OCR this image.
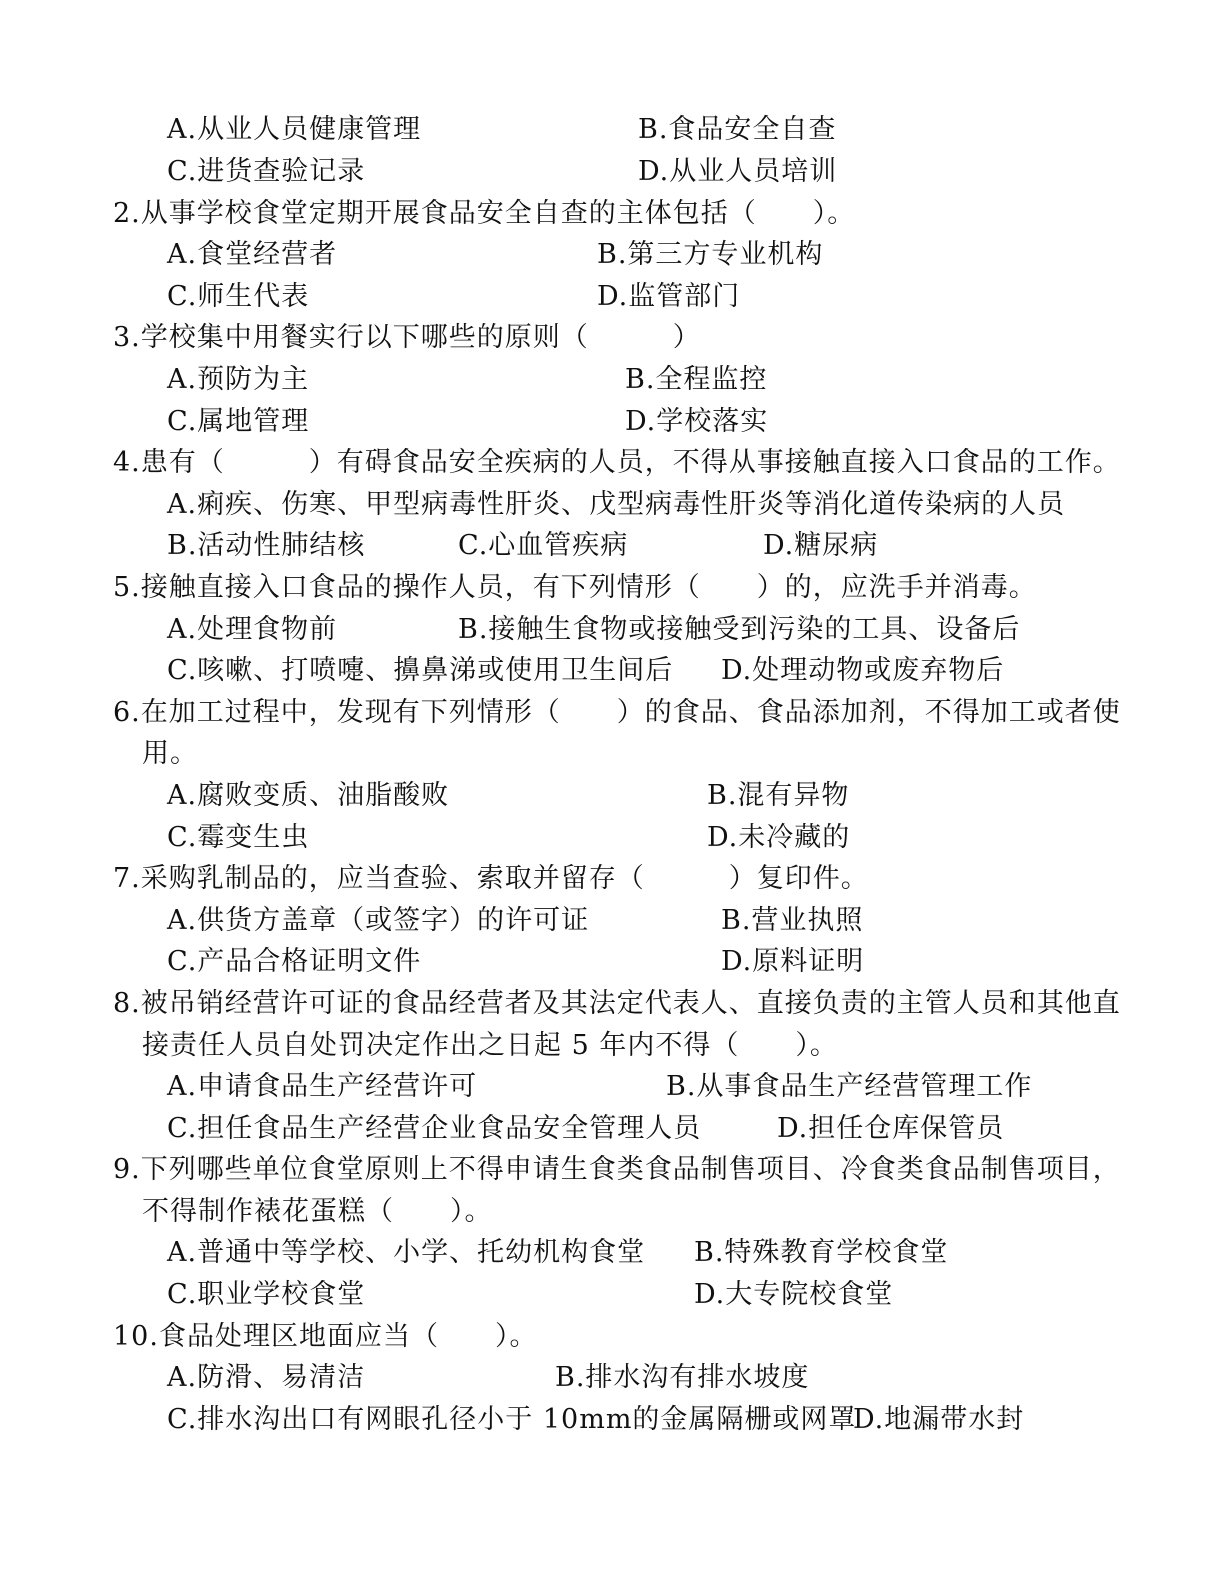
A.从业人员健康管理	B.食品安全自查
C.进货查验记录	D.从业人员培训
2.从事学校食堂定期开展食品安全自查的主体包括（　　）。
A.食堂经营者	B.第三方专业机构
C.师生代表	D.监管部门
3.学校集中用餐实行以下哪些的原则（　　　）
A.预防为主	B.全程监控
C.属地管理	D.学校落实
4.患有（　　　）有碍食品安全疾病的人员，不得从事接触直接入口食品的工作。
A.痢疾、伤寒、甲型病毒性肝炎、戊型病毒性肝炎等消化道传染病的人员
B.活动性肺结核	C.心血管疾病	D.糖尿病
5.接触直接入口食品的操作人员，有下列情形（　　）的，应洗手并消毒。
A.处理食物前	B.接触生食物或接触受到污染的工具、设备后
C.咳嗽、打喷嚏、擤鼻涕或使用卫生间后 D.处理动物或废弃物后
6.在加工过程中，发现有下列情形（　　）的食品、食品添加剂，不得加工或者使
用。
A.腐败变质、油脂酸败	B.混有异物
C.霉变生虫	D.未冷藏的
7.采购乳制品的，应当查验、索取并留存（　　　）复印件。
A.供货方盖章（或签字）的许可证	B.营业执照
C.产品合格证明文件	D.原料证明
8.被吊销经营许可证的食品经营者及其法定代表人、直接负责的主管人员和其他直
接责任人员自处罚决定作出之日起 5 年内不得（　　）。
A.申请食品生产经营许可	B.从事食品生产经营管理工作
C.担任食品生产经营企业食品安全管理人员	D.担任仓库保管员
9.下列哪些单位食堂原则上不得申请生食类食品制售项目、冷食类食品制售项目，
不得制作裱花蛋糕（　　）。
A.普通中等学校、小学、托幼机构食堂 B.特殊教育学校食堂
C.职业学校食堂	D.大专院校食堂
10.食品处理区地面应当（　　）。
A.防滑、易清洁	B.排水沟有排水坡度
C.排水沟出口有网眼孔径小于 10mm的金属隔栅或网罩
D.地漏带水封
